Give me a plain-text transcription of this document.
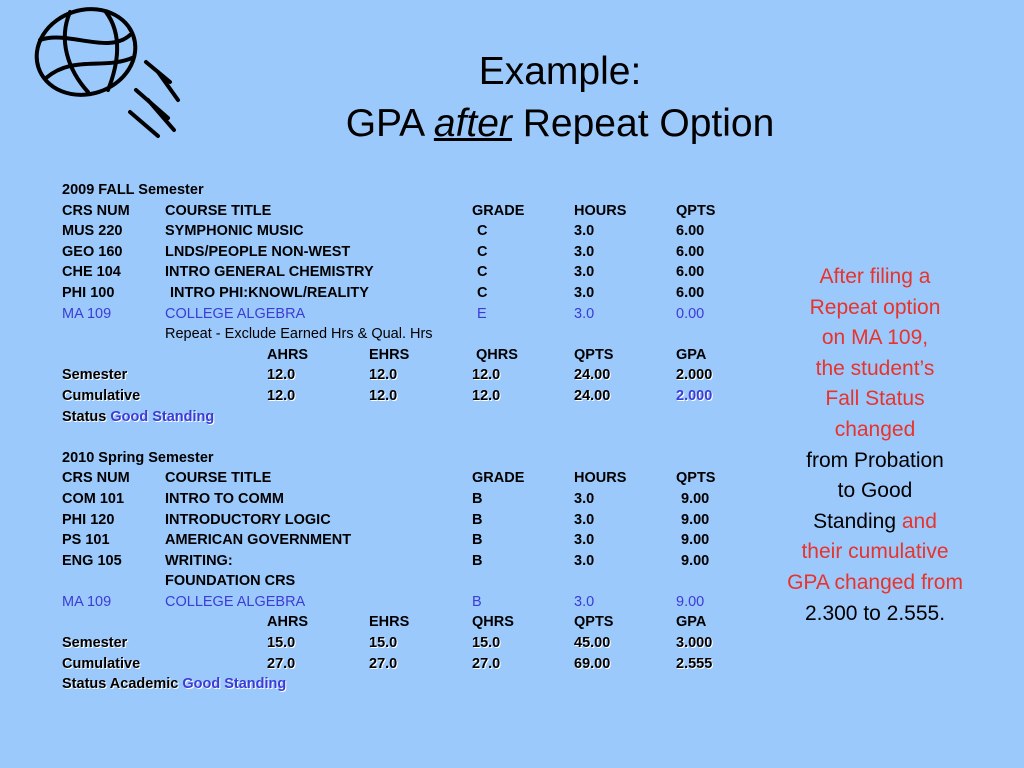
Example:
GPA after Repeat Option
2009 FALL Semester
CRS NUM COURSE TITLE	GRADE	HOURS	QPTS
MUS 220	SYMPHONIC MUSIC	C	3.0	6.00
GEO 160	LNDS/PEOPLE NON-WEST	C	3.0	6.00
CHE 104	INTRO GENERAL CHEMISTRY	C	3.0	6.00
PHI 100	INTRO PHI:KNOWL/REALITY	C	3.0	6.00
MA 109	COLLEGE ALGEBRA	E	3.0	0.00
Repeat - Exclude Earned Hrs & Qual. Hrs
AHRS	EHRS	QHRS	QPTS	GPA
Semester	12.0	12.0	12.0	24.00	2.000
Cumulative	12.0	12.0	12.0	24.00	2.000
Status Good Standing
2010 Spring Semester
CRS NUM COURSE TITLE	GRADE	HOURS	QPTS
COM 101	INTRO TO COMM	B	3.0	9.00
PHI 120	INTRODUCTORY LOGIC	B	3.0	9.00
PS 101	AMERICAN GOVERNMENT	B	3.0	9.00
ENG 105	WRITING:	B	3.0	9.00
FOUNDATION CRS
MA 109	COLLEGE ALGEBRA	B	3.0	9.00
AHRS	EHRS	QHRS	QPTS	GPA
Semester	15.0	15.0	15.0	45.00	3.000
Cumulative	27.0	27.0	27.0	69.00	2.555
Status Academic Good Standing
After filing a
Repeat option
on MA 109,
the student’s
Fall Status
changed
from Probation
to Good
Standing and
their cumulative
GPA changed from
2.300 to 2.555.
